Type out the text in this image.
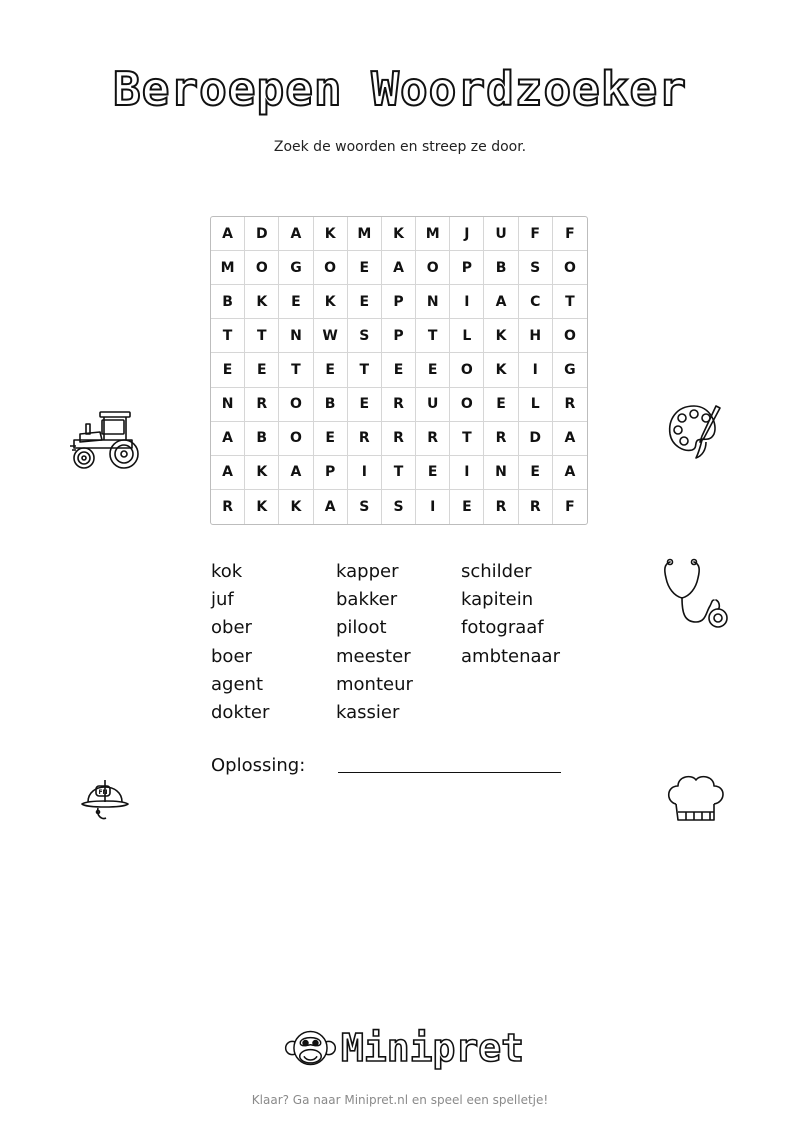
Beroepen Woordzoeker
Zoek de woorden en streep ze door.
A	D	A	K	M	K	M	J	U	F	F
M	O	G	O	E	A	O	P	B	S	O
B	K	E	K	E	P	N	I	A	C	T
T	T	N	W	S	P	T	L	K	H	O
E	E	T	E	T	E	E	O	K	I	G
N	R	O	B	E	R	U	O	E	L	R
A	B	O	E	R	R	R	T	R	D	A
A	K	A	P	I	T	E	I	N	E	A
R	K	K	A	S	S	I	E	R	R	F
kok
juf
ober
boer
agent
dokter
kapper
bakker
piloot
meester
monteur
kassier
schilder
kapitein
fotograaf
ambtenaar
Oplossing:
FN
Minipret
Klaar? Ga naar Minipret.nl en speel een spelletje!
